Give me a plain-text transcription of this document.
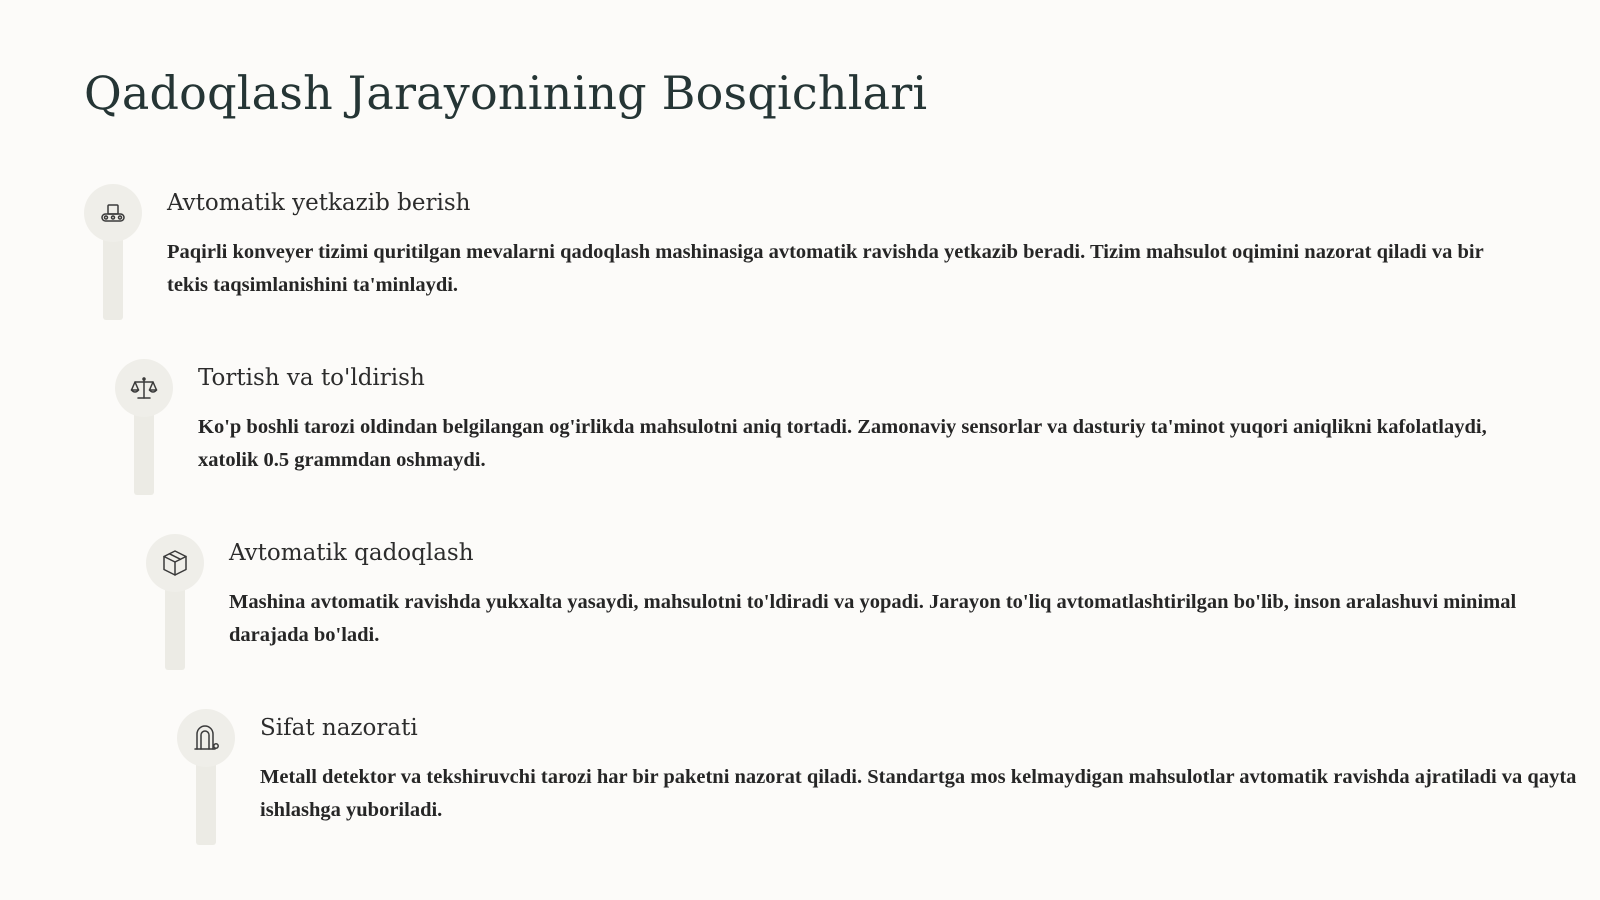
Qadoqlash Jarayonining Bosqichlari
Avtomatik yetkazib berish

Paqirli konveyer tizimi quritilgan mevalarni qadoqlash mashinasiga avtomatik ravishda yetkazib beradi. Tizim mahsulot oqimini nazorat qiladi va bir tekis taqsimlanishini ta'minlaydi.

Tortish va to'ldirish

Ko'p boshli tarozi oldindan belgilangan og'irlikda mahsulotni aniq tortadi. Zamonaviy sensorlar va dasturiy ta'minot yuqori aniqlikni kafolatlaydi, xatolik 0.5 grammdan oshmaydi.

Avtomatik qadoqlash

Mashina avtomatik ravishda yukxalta yasaydi, mahsulotni to'ldiradi va yopadi. Jarayon to'liq avtomatlashtirilgan bo'lib, inson aralashuvi minimal darajada bo'ladi.

Sifat nazorati

Metall detektor va tekshiruvchi tarozi har bir paketni nazorat qiladi. Standartga mos kelmaydigan mahsulotlar avtomatik ravishda ajratiladi va qayta ishlashga yuboriladi.
